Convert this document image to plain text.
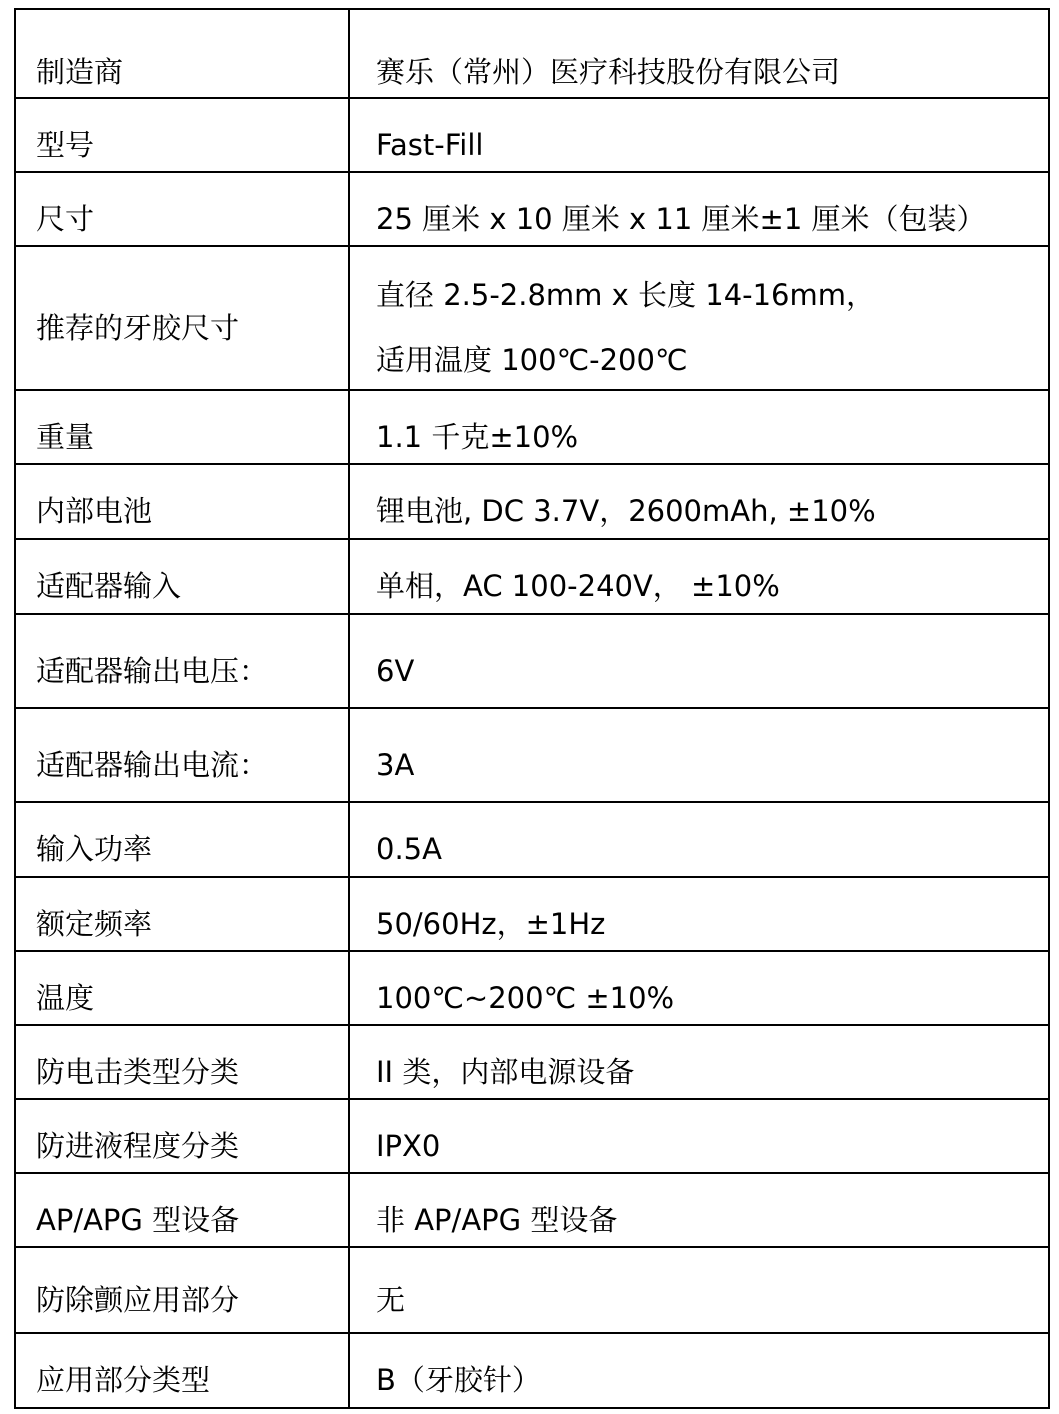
制造商	赛乐（常州）医疗科技股份有限公司

型号	Fast-Fill

尺寸	25 厘米 x 10 厘米 x 11 厘米±1 厘米（包装）

推荐的牙胶尺寸	直径 2.5-2.8mm x 长度 14-16mm，
适用温度 100℃-200℃

重量	1.1 千克±10%

内部电池	锂电池, DC 3.7V，2600mAh, ±10%

适配器输入	单相，AC 100-240V， ±10%

适配器输出电压：	6V

适配器输出电流：	3A

输入功率	0.5A

额定频率	50/60Hz，±1Hz

温度	100℃~200℃ ±10%

防电击类型分类	II 类，内部电源设备

防进液程度分类	IPX0

AP/APG 型设备	非 AP/APG 型设备

防除颤应用部分	无

应用部分类型	B（牙胶针）
